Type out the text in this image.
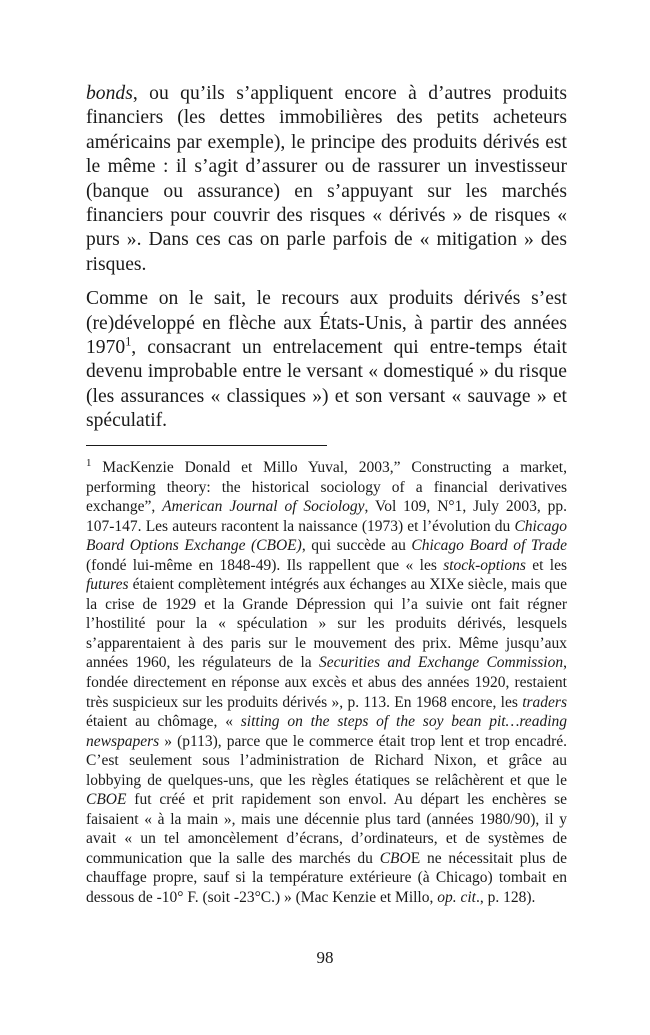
bonds, ou qu’ils s’appliquent encore à d’autres produits financiers (les dettes immobilières des petits acheteurs américains par exemple), le principe des produits dérivés est le même : il s’agit d’assurer ou de rassurer un investisseur (banque ou assurance) en s’appuyant sur les marchés financiers pour couvrir des risques « dérivés » de risques « purs ». Dans ces cas on parle parfois de « mitigation » des risques.

Comme on le sait, le recours aux produits dérivés s’est (re)développé en flèche aux États-Unis, à partir des années 1970$^1$, consacrant un entrelacement qui entre-temps était devenu improbable entre le versant « domestiqué » du risque (les assurances « classiques ») et son versant « sauvage » et spéculatif.

$^1$ MacKenzie Donald et Millo Yuval, 2003,” Constructing a market, performing theory: the historical sociology of a financial derivatives exchange”, American Journal of Sociology, Vol 109, N°1, July 2003, pp. 107-147. Les auteurs racontent la naissance (1973) et l’évolution du Chicago Board Options Exchange (CBOE), qui succède au Chicago Board of Trade (fondé lui-même en 1848-49). Ils rappellent que « les stock-options et les futures étaient complètement intégrés aux échanges au XIXe siècle, mais que la crise de 1929 et la Grande Dépression qui l’a suivie ont fait régner l’hostilité pour la « spéculation » sur les produits dérivés, lesquels s’apparentaient à des paris sur le mouvement des prix. Même jusqu’aux années 1960, les régulateurs de la Securities and Exchange Commission, fondée directement en réponse aux excès et abus des années 1920, restaient très suspicieux sur les produits dérivés », p. 113. En 1968 encore, les traders étaient au chômage, « sitting on the steps of the soy bean pit…reading newspapers » (p113), parce que le commerce était trop lent et trop encadré. C’est seulement sous l’administration de Richard Nixon, et grâce au lobbying de quelques-uns, que les règles étatiques se relâchèrent et que le CBOE fut créé et prit rapidement son envol. Au départ les enchères se faisaient « à la main », mais une décennie plus tard (années 1980/90), il y avait « un tel amoncèlement d’écrans, d’ordinateurs, et de systèmes de communication que la salle des marchés du CBOE ne nécessitait plus de chauffage propre, sauf si la température extérieure (à Chicago) tombait en dessous de -10° F. (soit -23°C.) » (Mac Kenzie et Millo, op. cit., p. 128).
98
